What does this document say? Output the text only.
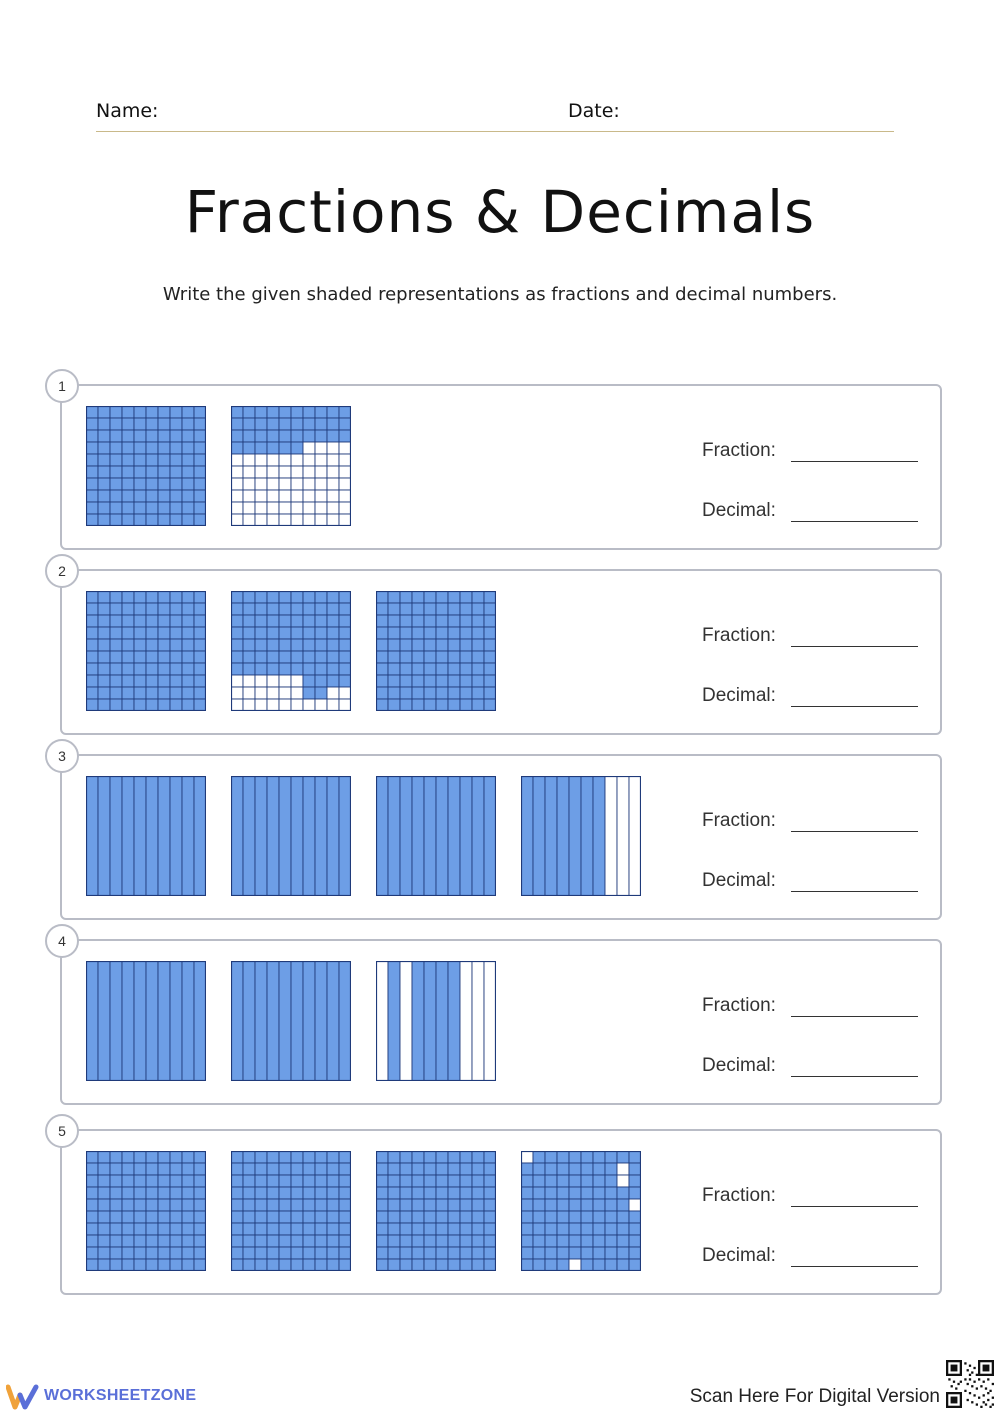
Name:	Date:
Fractions & Decimals
Write the given shaded representations as fractions and decimal numbers.
1
Fraction:
Decimal:
2
Fraction:
Decimal:
3
Fraction:
Decimal:
4
Fraction:
Decimal:
5
Fraction:
Decimal:
WORKSHEETZONE	Scan Here For Digital Version
